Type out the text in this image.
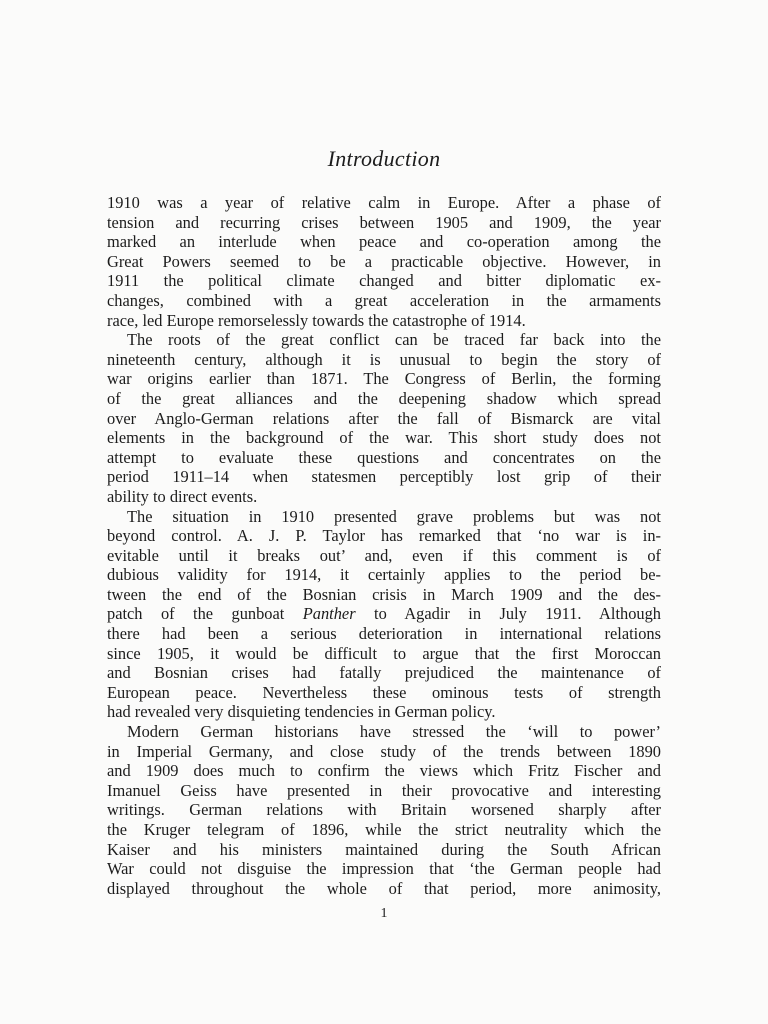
Introduction
1910 was a year of relative calm in Europe. After a phase of
tension and recurring crises between 1905 and 1909, the year
marked an interlude when peace and co-operation among the
Great Powers seemed to be a practicable objective. However, in
1911 the political climate changed and bitter diplomatic ex-
changes, combined with a great acceleration in the armaments
race, led Europe remorselessly towards the catastrophe of 1914.
The roots of the great conflict can be traced far back into the
nineteenth century, although it is unusual to begin the story of
war origins earlier than 1871. The Congress of Berlin, the forming
of the great alliances and the deepening shadow which spread
over Anglo-German relations after the fall of Bismarck are vital
elements in the background of the war. This short study does not
attempt to evaluate these questions and concentrates on the
period 1911–14 when statesmen perceptibly lost grip of their
ability to direct events.
The situation in 1910 presented grave problems but was not
beyond control. A. J. P. Taylor has remarked that ‘no war is in-
evitable until it breaks out’ and, even if this comment is of
dubious validity for 1914, it certainly applies to the period be-
tween the end of the Bosnian crisis in March 1909 and the des-
patch of the gunboat Panther to Agadir in July 1911. Although
there had been a serious deterioration in international relations
since 1905, it would be difficult to argue that the first Moroccan
and Bosnian crises had fatally prejudiced the maintenance of
European peace. Nevertheless these ominous tests of strength
had revealed very disquieting tendencies in German policy.
Modern German historians have stressed the ‘will to power’
in Imperial Germany, and close study of the trends between 1890
and 1909 does much to confirm the views which Fritz Fischer and
Imanuel Geiss have presented in their provocative and interesting
writings. German relations with Britain worsened sharply after
the Kruger telegram of 1896, while the strict neutrality which the
Kaiser and his ministers maintained during the South African
War could not disguise the impression that ‘the German people had
displayed throughout the whole of that period, more animosity,
1
